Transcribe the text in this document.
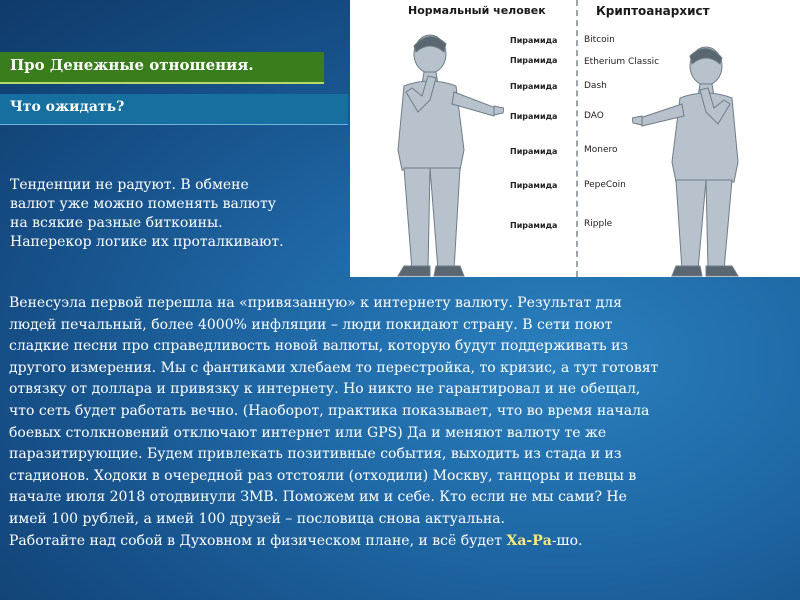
Про Денежные отношения.
Что ожидать?
Тенденции не радуют. В обмене
валют уже можно поменять валюту
на всякие разные биткоины.
Наперекор логике их проталкивают.
Нормальный человек	Криптоанархист
Пирамида	Bitcoin
Пирамида	Etherium Classic
Пирамида	Dash
Пирамида	DAO
Пирамида	Monero
Пирамида	PepeCoin
Пирамида	Ripple
Венесуэла первой перешла на «привязанную» к интернету валюту. Результат для
людей печальный, более 4000% инфляции – люди покидают страну. В сети поют
сладкие песни про справедливость новой валюты, которую будут поддерживать из
другого измерения. Мы с фантиками хлебаем то перестройка, то кризис, а тут готовят
отвязку от доллара и привязку к интернету. Но никто не гарантировал и не обещал,
что сеть будет работать вечно. (Наоборот, практика показывает, что во время начала
боевых столкновений отключают интернет или GPS) Да и меняют валюту те же
паразитирующие. Будем привлекать позитивные события, выходить из стада и из
стадионов. Ходоки в очередной раз отстояли (отходили) Москву, танцоры и певцы в
начале июля 2018 отодвинули ЗМВ. Поможем им и себе. Кто если не мы сами? Не
имей 100 рублей, а имей 100 друзей – пословица снова актуальна.
Работайте над собой в Духовном и физическом плане, и всё будет Ха-Ра-шо.
